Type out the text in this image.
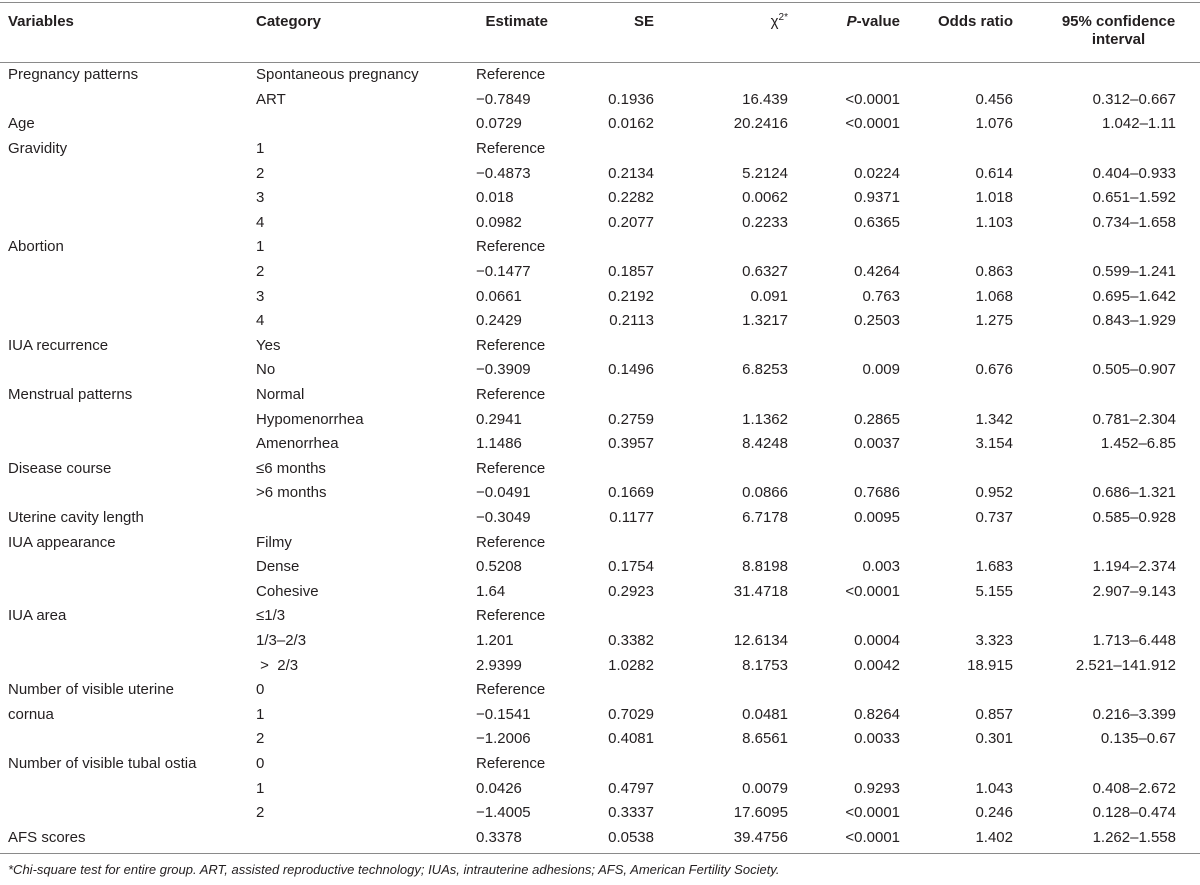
Variables	Category	Estimate	SE	$\chi^{2*}$	P-value	Odds ratio	95% confidence
interval
Pregnancy patterns	Spontaneous pregnancy	Reference					
	ART	−0.7849	0.1936	16.439	<0.0001	0.456	0.312–0.667
Age		0.0729	0.0162	20.2416	<0.0001	1.076	1.042–1.11
Gravidity	1	Reference					
	2	−0.4873	0.2134	5.2124	0.0224	0.614	0.404–0.933
	3	0.018	0.2282	0.0062	0.9371	1.018	0.651–1.592
	4	0.0982	0.2077	0.2233	0.6365	1.103	0.734–1.658
Abortion	1	Reference					
	2	−0.1477	0.1857	0.6327	0.4264	0.863	0.599–1.241
	3	0.0661	0.2192	0.091	0.763	1.068	0.695–1.642
	4	0.2429	0.2113	1.3217	0.2503	1.275	0.843–1.929
IUA recurrence	Yes	Reference					
	No	−0.3909	0.1496	6.8253	0.009	0.676	0.505–0.907
Menstrual patterns	Normal	Reference					
	Hypomenorrhea	0.2941	0.2759	1.1362	0.2865	1.342	0.781–2.304
	Amenorrhea	1.1486	0.3957	8.4248	0.0037	3.154	1.452–6.85
Disease course	≤6 months	Reference					
	>6 months	−0.0491	0.1669	0.0866	0.7686	0.952	0.686–1.321
Uterine cavity length		−0.3049	0.1177	6.7178	0.0095	0.737	0.585–0.928
IUA appearance	Filmy	Reference					
	Dense	0.5208	0.1754	8.8198	0.003	1.683	1.194–2.374
	Cohesive	1.64	0.2923	31.4718	<0.0001	5.155	2.907–9.143
IUA area	≤1/3	Reference					
	1/3–2/3	1.201	0.3382	12.6134	0.0004	3.323	1.713–6.448
	>  2/3	2.9399	1.0282	8.1753	0.0042	18.915	2.521–141.912
Number of visible uterine	0	Reference					
cornua	1	−0.1541	0.7029	0.0481	0.8264	0.857	0.216–3.399
	2	−1.2006	0.4081	8.6561	0.0033	0.301	0.135–0.67
Number of visible tubal ostia	0	Reference					
	1	0.0426	0.4797	0.0079	0.9293	1.043	0.408–2.672
	2	−1.4005	0.3337	17.6095	<0.0001	0.246	0.128–0.474
AFS scores		0.3378	0.0538	39.4756	<0.0001	1.402	1.262–1.558
*Chi-square test for entire group. ART, assisted reproductive technology; IUAs, intrauterine adhesions; AFS, American Fertility Society.
